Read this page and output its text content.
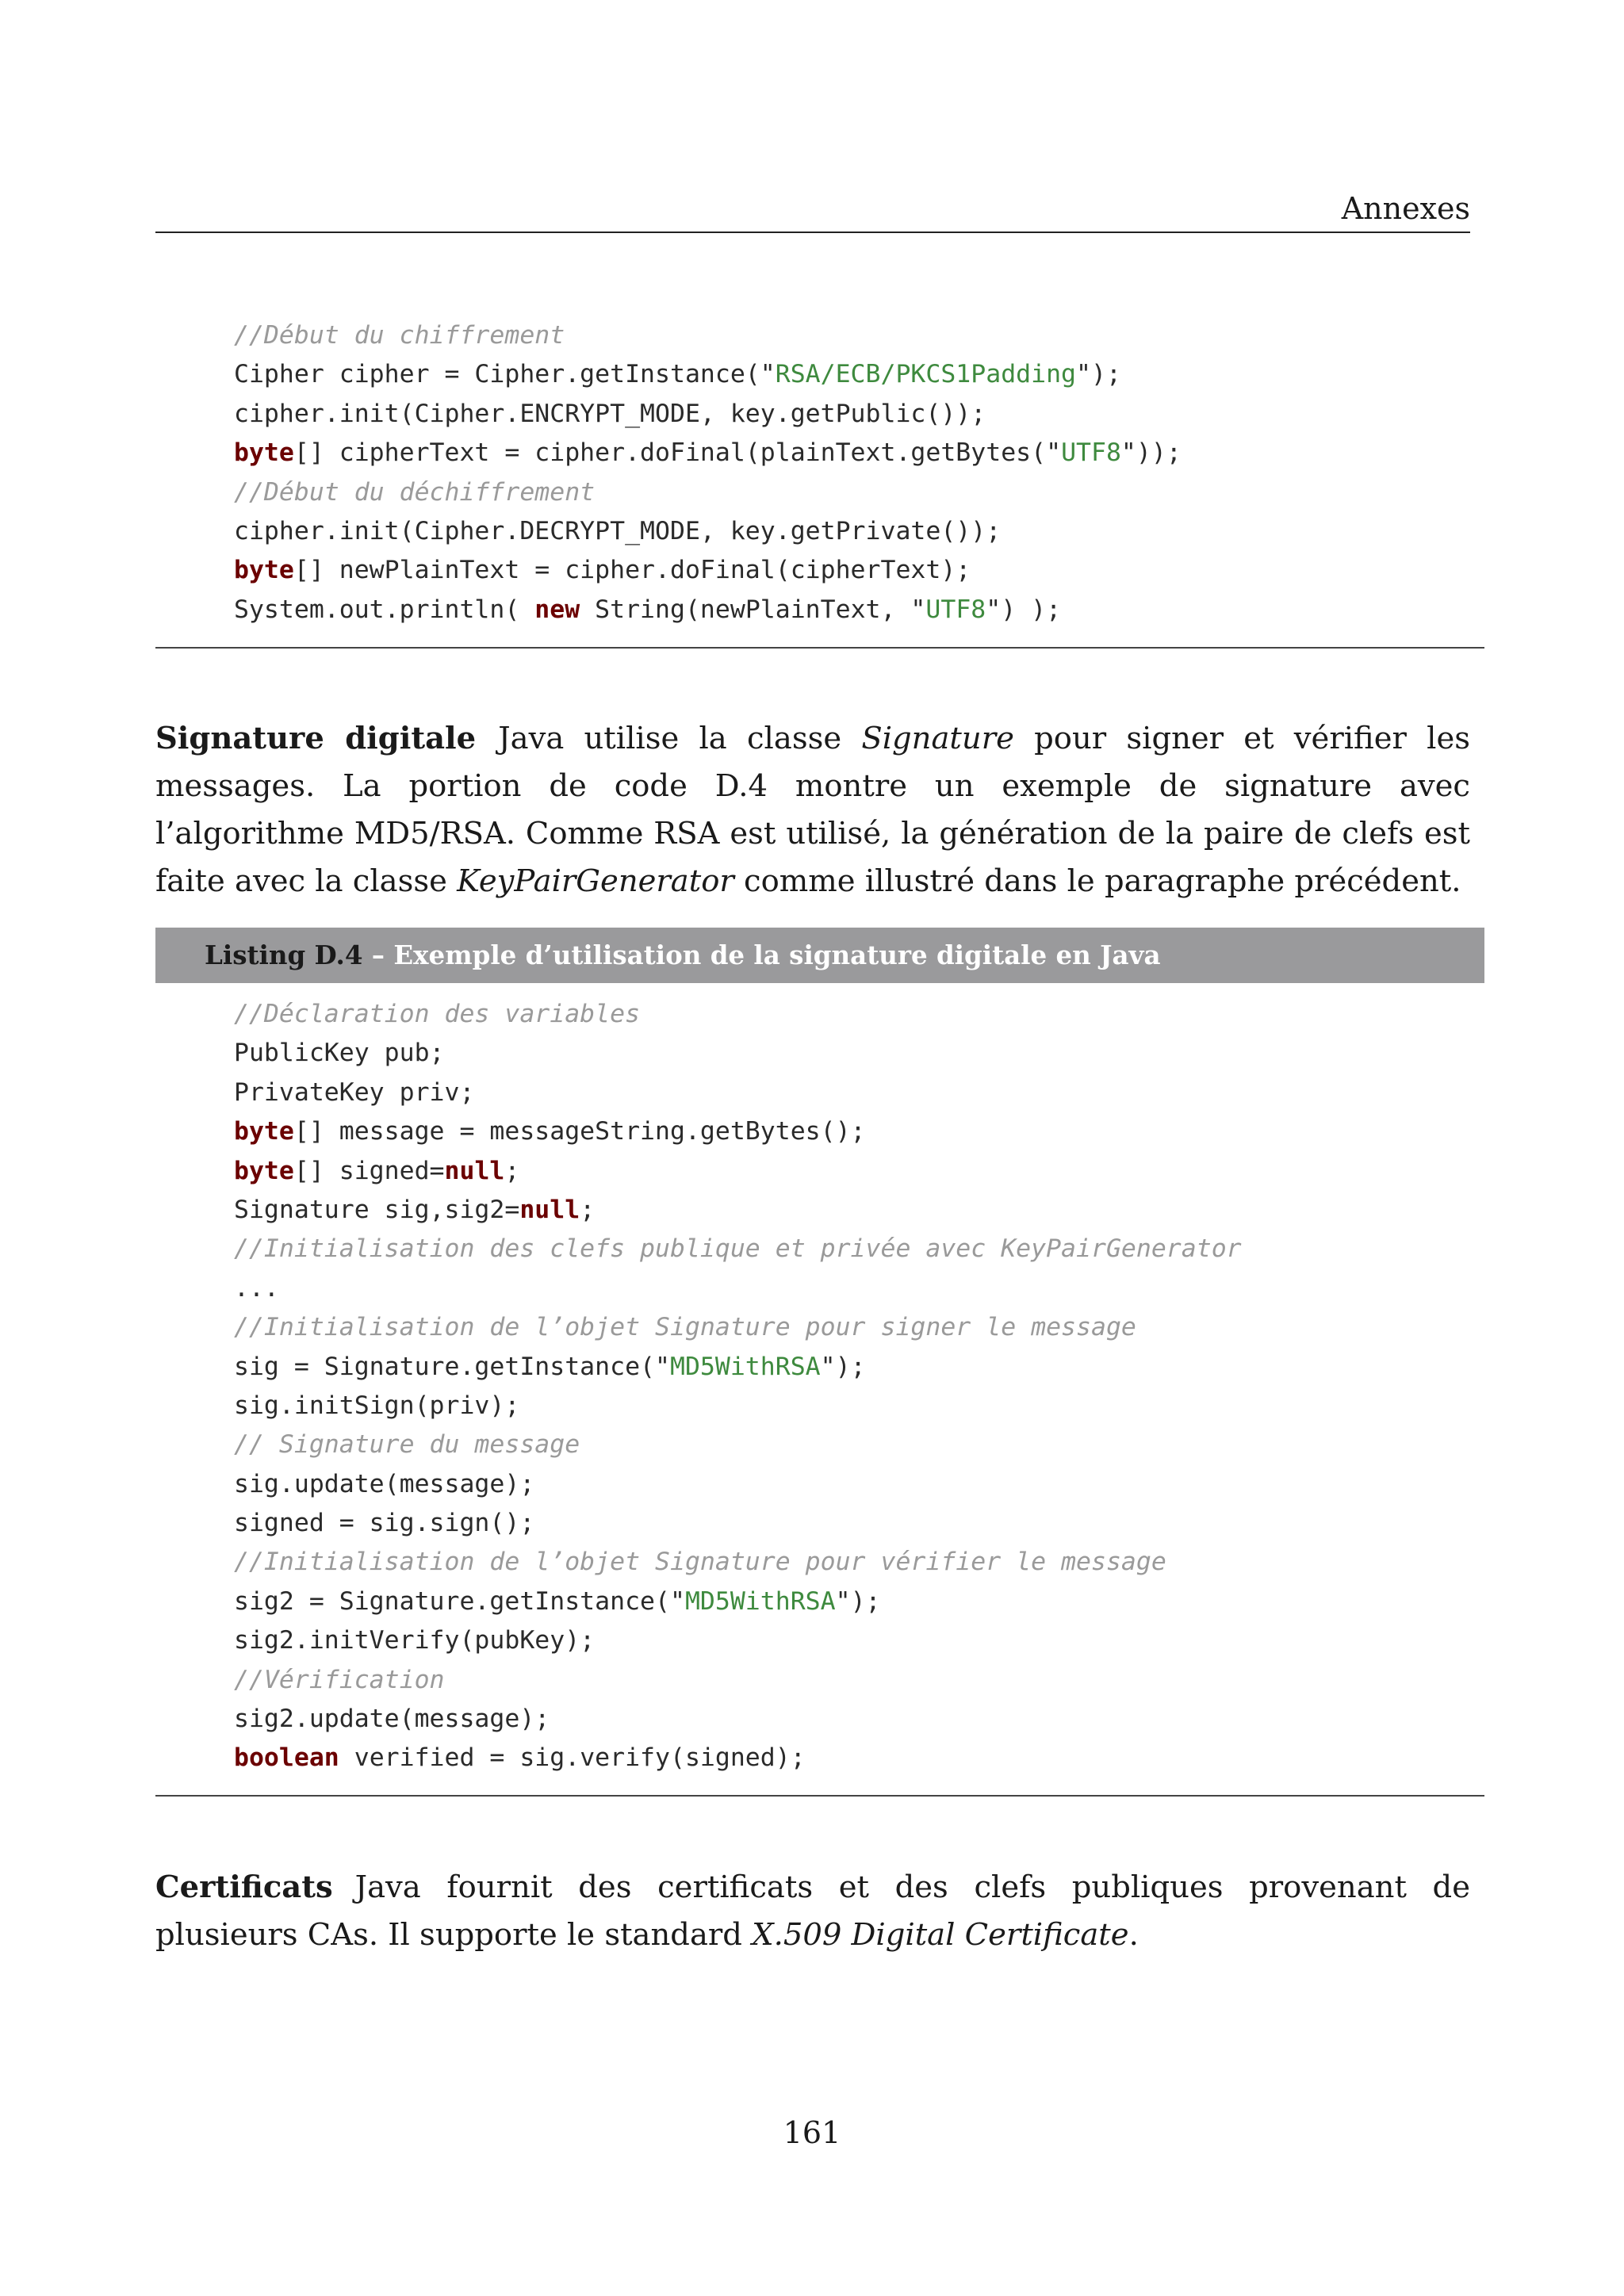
Annexes
//Début du chiffrement
Cipher cipher = Cipher.getInstance("RSA/ECB/PKCS1Padding");
cipher.init(Cipher.ENCRYPT_MODE, key.getPublic());
byte[] cipherText = cipher.doFinal(plainText.getBytes("UTF8"));
//Début du déchiffrement
cipher.init(Cipher.DECRYPT_MODE, key.getPrivate());
byte[] newPlainText = cipher.doFinal(cipherText);
System.out.println( new String(newPlainText, "UTF8") );
Signature digitale Java utilise la classe Signature pour signer et vérifier les messages. La portion de code D.4 montre un exemple de signature avec l’algorithme MD5/RSA. Comme RSA est utilisé, la génération de la paire de clefs est faite avec la classe KeyPairGenerator comme illustré dans le paragraphe précédent.
Listing D.4 – Exemple d’utilisation de la signature digitale en Java
//Déclaration des variables
PublicKey pub;
PrivateKey priv;
byte[] message = messageString.getBytes();
byte[] signed=null;
Signature sig,sig2=null;
//Initialisation des clefs publique et privée avec KeyPairGenerator
...
//Initialisation de l’objet Signature pour signer le message
sig = Signature.getInstance("MD5WithRSA");
sig.initSign(priv);
// Signature du message
sig.update(message);
signed = sig.sign();
//Initialisation de l’objet Signature pour vérifier le message
sig2 = Signature.getInstance("MD5WithRSA");
sig2.initVerify(pubKey);
//Vérification
sig2.update(message);
boolean verified = sig.verify(signed);
Certificats Java fournit des certificats et des clefs publiques provenant de plusieurs CAs. Il supporte le standard X.509 Digital Certificate.
161
